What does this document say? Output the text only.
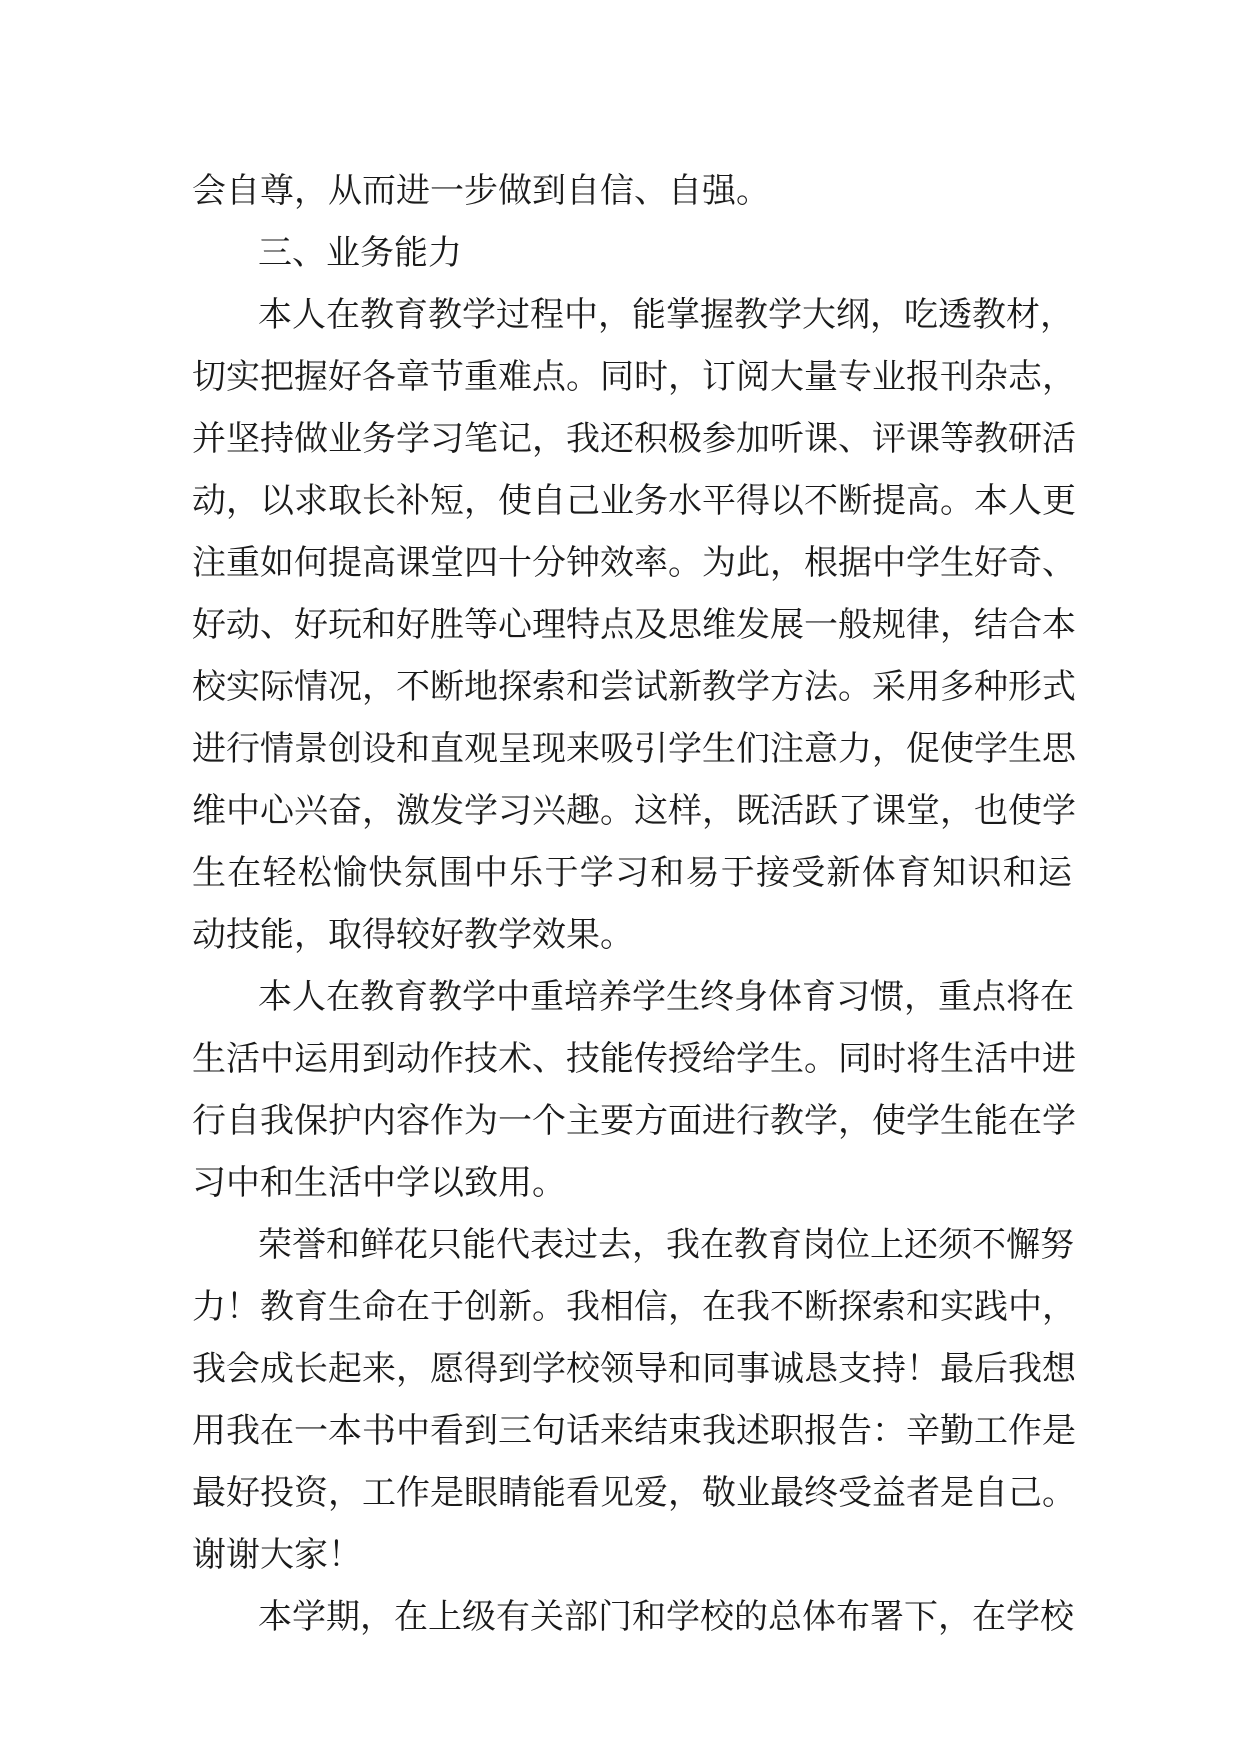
会自尊，从而进一步做到自信、自强。
三、业务能力
本人在教育教学过程中，能掌握教学大纲，吃透教材，
切实把握好各章节重难点。同时，订阅大量专业报刊杂志，
并坚持做业务学习笔记，我还积极参加听课、评课等教研活
动，以求取长补短，使自己业务水平得以不断提高。本人更
注重如何提高课堂四十分钟效率。为此，根据中学生好奇、
好动、好玩和好胜等心理特点及思维发展一般规律，结合本
校实际情况，不断地探索和尝试新教学方法。采用多种形式
进行情景创设和直观呈现来吸引学生们注意力，促使学生思
维中心兴奋，激发学习兴趣。这样，既活跃了课堂，也使学
生在轻松愉快氛围中乐于学习和易于接受新体育知识和运
动技能，取得较好教学效果。
本人在教育教学中重培养学生终身体育习惯，重点将在
生活中运用到动作技术、技能传授给学生。同时将生活中进
行自我保护内容作为一个主要方面进行教学，使学生能在学
习中和生活中学以致用。
荣誉和鲜花只能代表过去，我在教育岗位上还须不懈努
力！教育生命在于创新。我相信，在我不断探索和实践中，
我会成长起来，愿得到学校领导和同事诚恳支持！最后我想
用我在一本书中看到三句话来结束我述职报告：辛勤工作是
最好投资，工作是眼睛能看见爱，敬业最终受益者是自己。
谢谢大家！
本学期，在上级有关部门和学校的总体布署下，在学校
